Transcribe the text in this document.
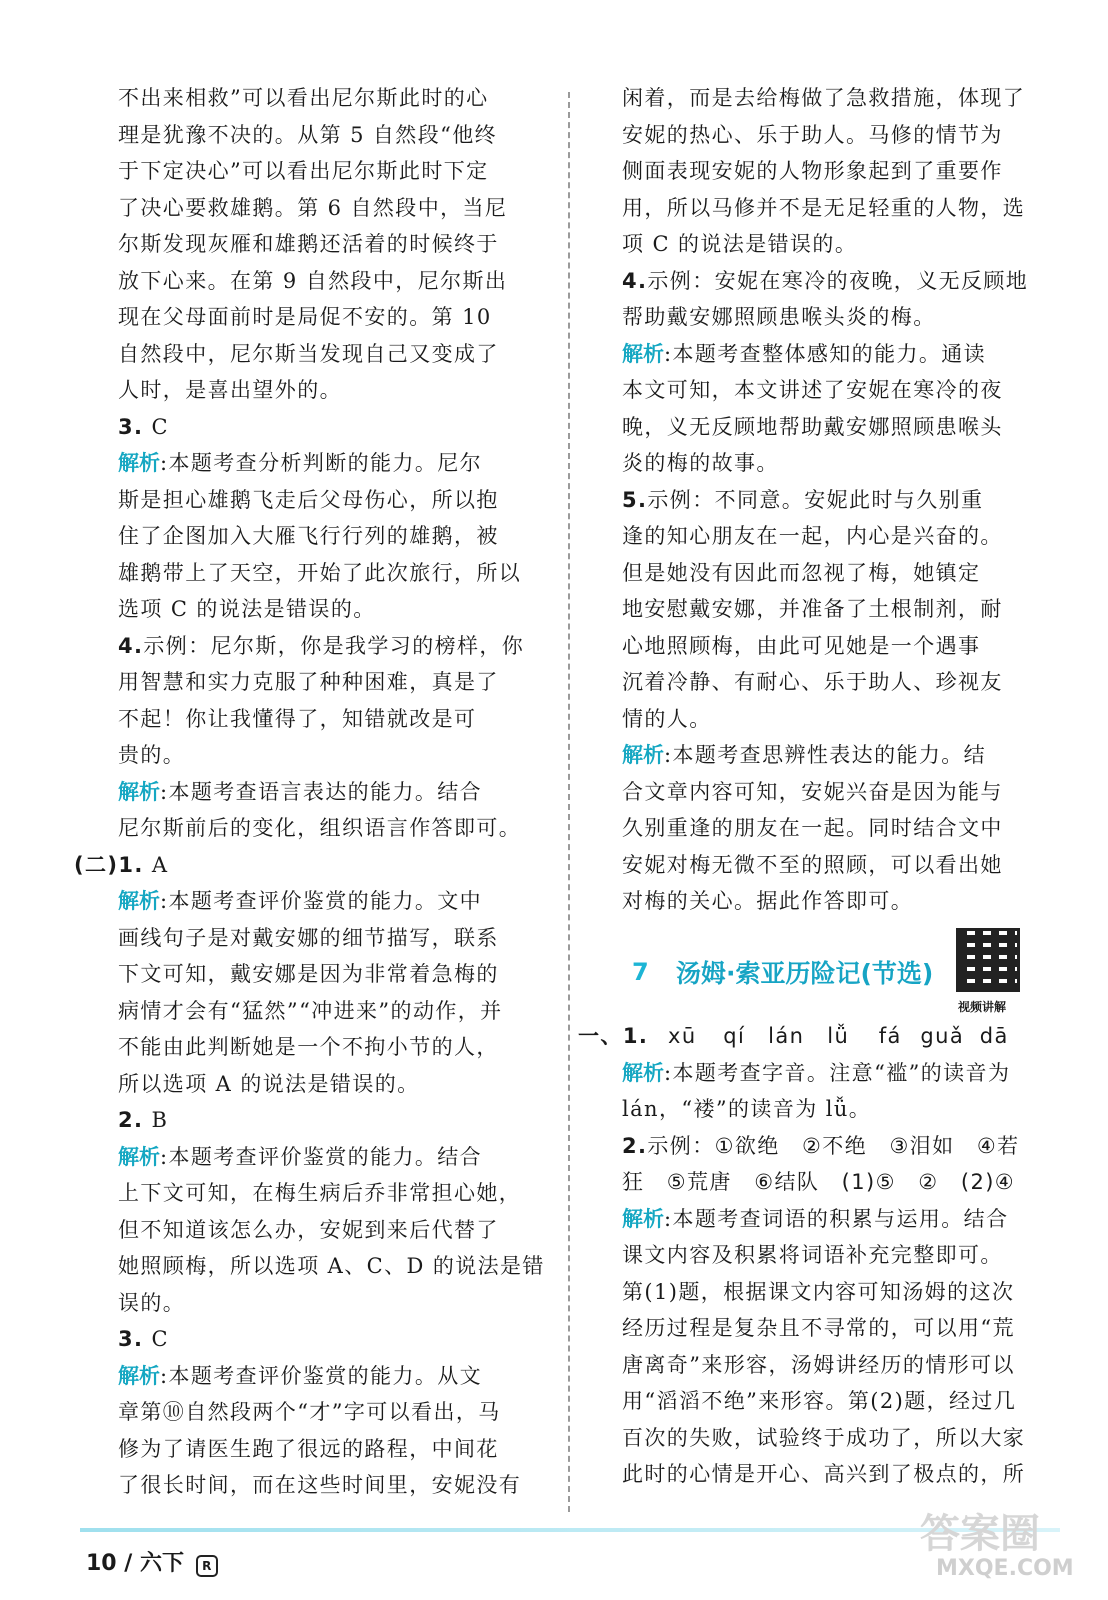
不出来相救”可以看出尼尔斯此时的心
理是犹豫不决的。从第 5 自然段“他终
于下定决心”可以看出尼尔斯此时下定
了决心要救雄鹅。第 6 自然段中，当尼
尔斯发现灰雁和雄鹅还活着的时候终于
放下心来。在第 9 自然段中，尼尔斯出
现在父母面前时是局促不安的。第 10
自然段中，尼尔斯当发现自己又变成了
人时，是喜出望外的。
3. C
解析:本题考查分析判断的能力。尼尔
斯是担心雄鹅飞走后父母伤心，所以抱
住了企图加入大雁飞行行列的雄鹅，被
雄鹅带上了天空，开始了此次旅行，所以
选项 C 的说法是错误的。
4.示例：尼尔斯，你是我学习的榜样，你
用智慧和实力克服了种种困难，真是了
不起！你让我懂得了，知错就改是可
贵的。
解析:本题考查语言表达的能力。结合
尼尔斯前后的变化，组织语言作答即可。
(二)1. A
解析:本题考查评价鉴赏的能力。文中
画线句子是对戴安娜的细节描写，联系
下文可知，戴安娜是因为非常着急梅的
病情才会有“猛然”“冲进来”的动作，并
不能由此判断她是一个不拘小节的人，
所以选项 A 的说法是错误的。
2. B
解析:本题考查评价鉴赏的能力。结合
上下文可知，在梅生病后乔非常担心她，
但不知道该怎么办，安妮到来后代替了
她照顾梅，所以选项 A、C、D 的说法是错
误的。
3. C
解析:本题考查评价鉴赏的能力。从文
章第⑩自然段两个“才”字可以看出，马
修为了请医生跑了很远的路程，中间花
了很长时间，而在这些时间里，安妮没有
闲着，而是去给梅做了急救措施，体现了
安妮的热心、乐于助人。马修的情节为
侧面表现安妮的人物形象起到了重要作
用，所以马修并不是无足轻重的人物，选
项 C 的说法是错误的。
4.示例：安妮在寒冷的夜晚，义无反顾地
帮助戴安娜照顾患喉头炎的梅。
解析:本题考查整体感知的能力。通读
本文可知，本文讲述了安妮在寒冷的夜
晚，义无反顾地帮助戴安娜照顾患喉头
炎的梅的故事。
5.示例：不同意。安妮此时与久别重
逢的知心朋友在一起，内心是兴奋的。
但是她没有因此而忽视了梅，她镇定
地安慰戴安娜，并准备了土根制剂，耐
心地照顾梅，由此可见她是一个遇事
沉着冷静、有耐心、乐于助人、珍视友
情的人。
解析:本题考查思辨性表达的能力。结
合文章内容可知，安妮兴奋是因为能与
久别重逢的朋友在一起。同时结合文中
安妮对梅无微不至的照顾，可以看出她
对梅的关心。据此作答即可。
7	汤姆·索亚历险记(节选)
视频讲解
一、1. xū qí lán lǚ fá guǎ dā
解析:本题考查字音。注意“褴”的读音为
lán，“褛”的读音为 lǚ。
2.示例：①欲绝　②不绝　③泪如　④若
狂　⑤荒唐　⑥结队　(1)⑤　②　(2)④
解析:本题考查词语的积累与运用。结合
课文内容及积累将词语补充完整即可。
第(1)题，根据课文内容可知汤姆的这次
经历过程是复杂且不寻常的，可以用“荒
唐离奇”来形容，汤姆讲经历的情形可以
用“滔滔不绝”来形容。第(2)题，经过几
百次的失败，试验终于成功了，所以大家
此时的心情是开心、高兴到了极点的，所
10 / 六下 R
答案圈
MXQE.COM
